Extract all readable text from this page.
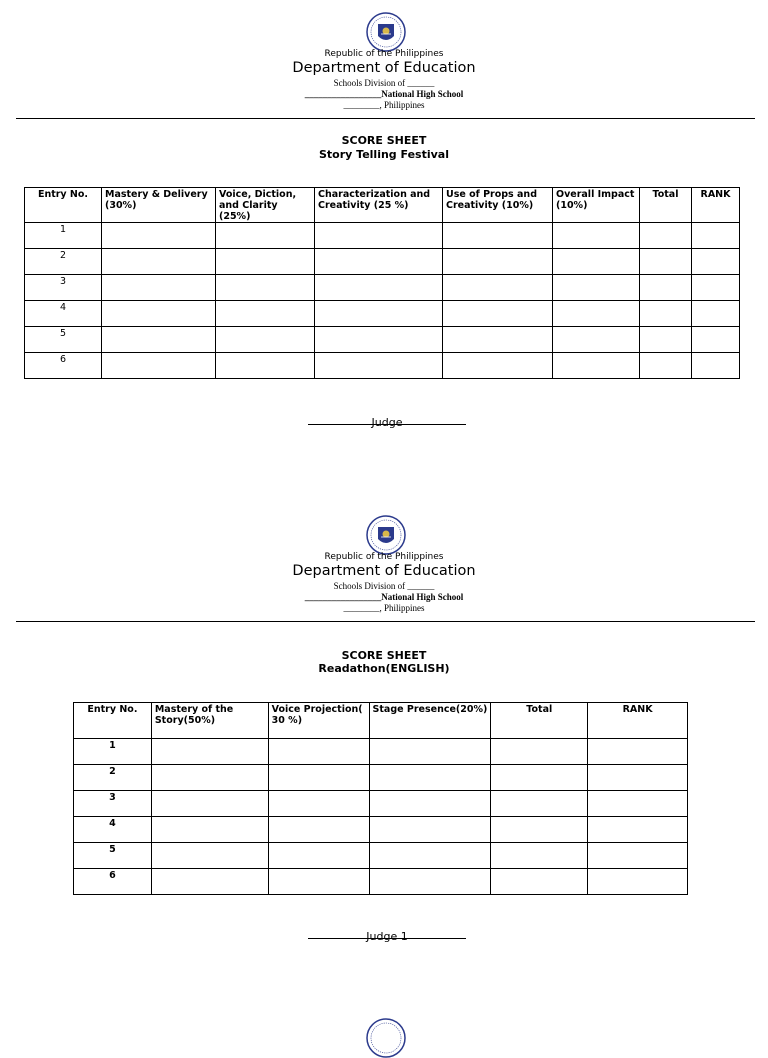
Republic of the Philippines
Department of Education
Schools Division of ______
_________________National High School
________, Philippines
SCORE SHEET
Story Telling Festival
Entry No.	Mastery & Delivery (30%)	Voice, Diction, and Clarity (25%)	Characterization and Creativity (25 %)	Use of Props and Creativity (10%)	Overall Impact (10%)	Total	RANK
1							
2							
3							
4							
5							
6							
Judge
Republic of the Philippines
Department of Education
Schools Division of ______
_________________National High School
________, Philippines
SCORE SHEET
Readathon(ENGLISH)
Entry No.	Mastery of the Story(50%)	Voice Projection( 30 %)	Stage Presence(20%)	Total	RANK
1					
2					
3					
4					
5					
6					
Judge 1
